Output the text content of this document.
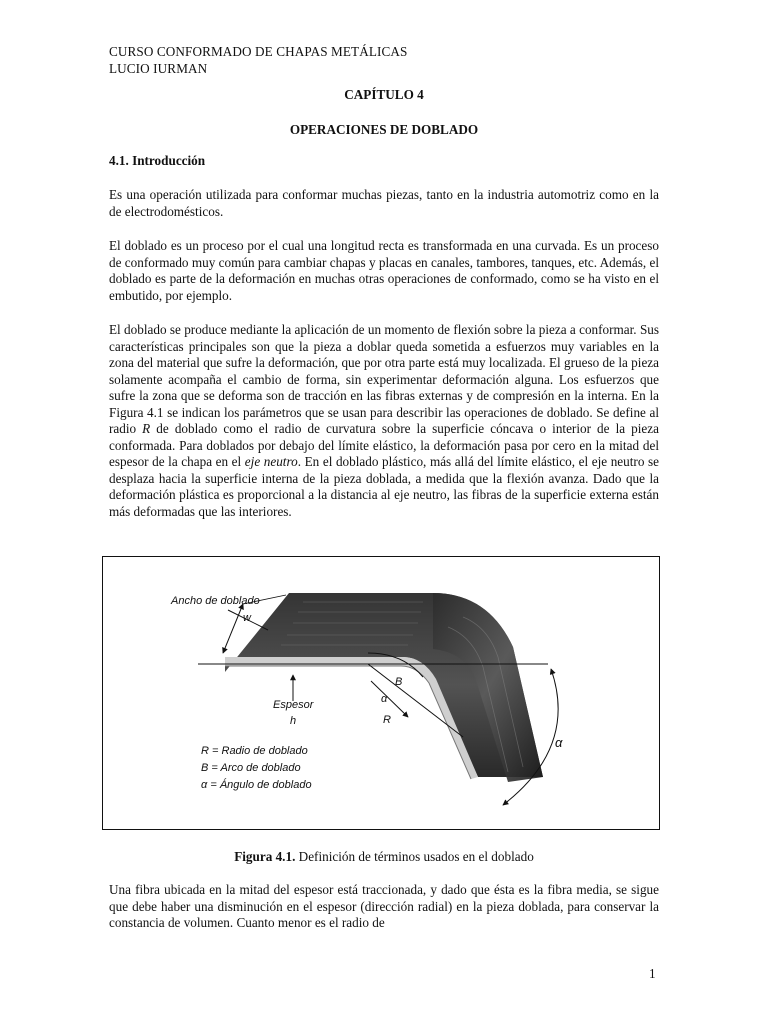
CURSO CONFORMADO DE CHAPAS METÁLICAS
LUCIO IURMAN
CAPÍTULO 4
OPERACIONES DE DOBLADO
4.1. Introducción

Es una operación utilizada para conformar muchas piezas, tanto en la industria automotriz como en la de electrodomésticos.

El doblado es un proceso por el cual una longitud recta es transformada en una curvada. Es un proceso de conformado muy común para cambiar chapas y placas en canales, tambores, tanques, etc. Además, el doblado es parte de la deformación en muchas otras operaciones de conformado, como se ha visto en el embutido, por ejemplo.

El doblado se produce mediante la aplicación de un momento de flexión sobre la pieza a conformar. Sus características principales son que la pieza a doblar queda sometida a esfuerzos muy variables en la zona del material que sufre la deformación, que por otra parte está muy localizada. El grueso de la pieza solamente acompaña el cambio de forma, sin experimentar deformación alguna. Los esfuerzos que sufre la zona que se deforma son de tracción en las fibras externas y de compresión en la interna. En la Figura 4.1 se indican los parámetros que se usan para describir las operaciones de doblado. Se define al radio R de doblado como el radio de curvatura sobre la superficie cóncava o interior de la pieza conformada. Para doblados por debajo del límite elástico, la deformación pasa por cero en la mitad del espesor de la chapa en el eje neutro. En el doblado plástico, más allá del límite elástico, el eje neutro se desplaza hacia la superficie interna de la pieza doblada, a medida que la flexión avanza. Dado que la deformación plástica es proporcional a la distancia al eje neutro, las fibras de la superficie externa están más deformadas que las interiores.

Ancho de doblado
w
Espesor
h
B
α
R
α
R = Radio de doblado
B = Arco de doblado
α = Ángulo de doblado
Figura 4.1. Definición de términos usados en el doblado

Una fibra ubicada en la mitad del espesor está traccionada, y dado que ésta es la fibra media, se sigue que debe haber una disminución en el espesor (dirección radial) en la pieza doblada, para conservar la constancia de volumen. Cuanto menor es el radio de

1
